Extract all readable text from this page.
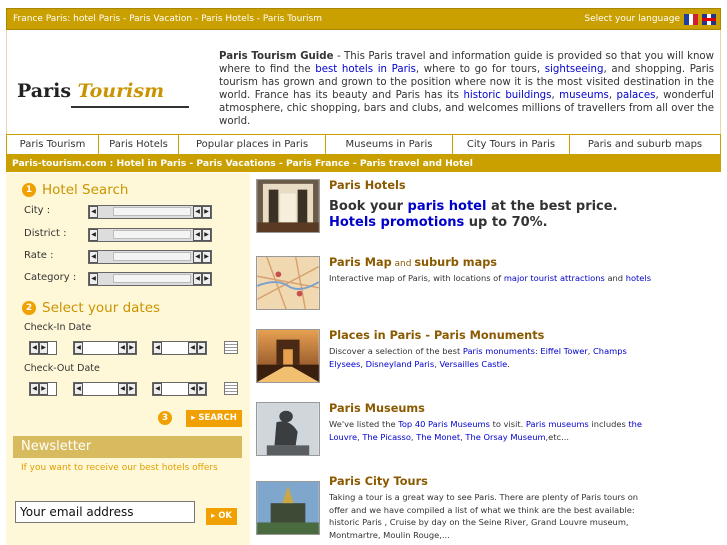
France Paris: hotel Paris - Paris Vacation - Paris Hotels - Paris Tourism	Select your language
Paris Tourism
Paris Tourism Guide - This Paris travel and information guide is provided so that you will know where to find the best hotels in Paris, where to go for tours, sightseeing, and shopping. Paris tourism has grown and grown to the position where now it is the most visited destination in the world. France has its beauty and Paris has its historic buildings, museums, palaces, wonderful atmosphere, chic shopping, bars and clubs, and welcomes millions of travellers from all over the world.
Paris Tourism	Paris Hotels	Popular places in Paris	Museums in Paris	City Tours in Paris	Paris and suburb maps
Paris-tourism.com : Hotel in Paris - Paris Vacations - Paris France - Paris travel and Hotel
1 Hotel Search
City :	◀	◀ ▶
District :	◀	◀ ▶
Rate :	◀	◀ ▶
Category :	◀	◀ ▶
2 Select your dates
Check-In Date
◀ ▶	◀	◀ ▶	◀	◀ ▶
Check-Out Date
◀ ▶	◀	◀ ▶	◀	◀ ▶
3	▸ SEARCH
Newsletter
If you want to receive our best hotels offers
Your email address	▸ OK
Paris Hotels
Book your paris hotel at the best price.
Hotels promotions up to 70%.
Paris Map and suburb maps
Interactive map of Paris, with locations of major tourist attractions and hotels
Places in Paris - Paris Monuments
Discover a selection of the best Paris monuments: Eiffel Tower, Champs Elysees, Disneyland Paris, Versailles Castle.
Paris Museums
We've listed the Top 40 Paris Museums to visit. Paris museums includes the Louvre, The Picasso, The Monet, The Orsay Museum,etc...
Paris City Tours
Taking a tour is a great way to see Paris. There are plenty of Paris tours on offer and we have compiled a list of what we think are the best available: historic Paris , Cruise by day on the Seine River, Grand Louvre museum, Montmartre, Moulin Rouge,...
